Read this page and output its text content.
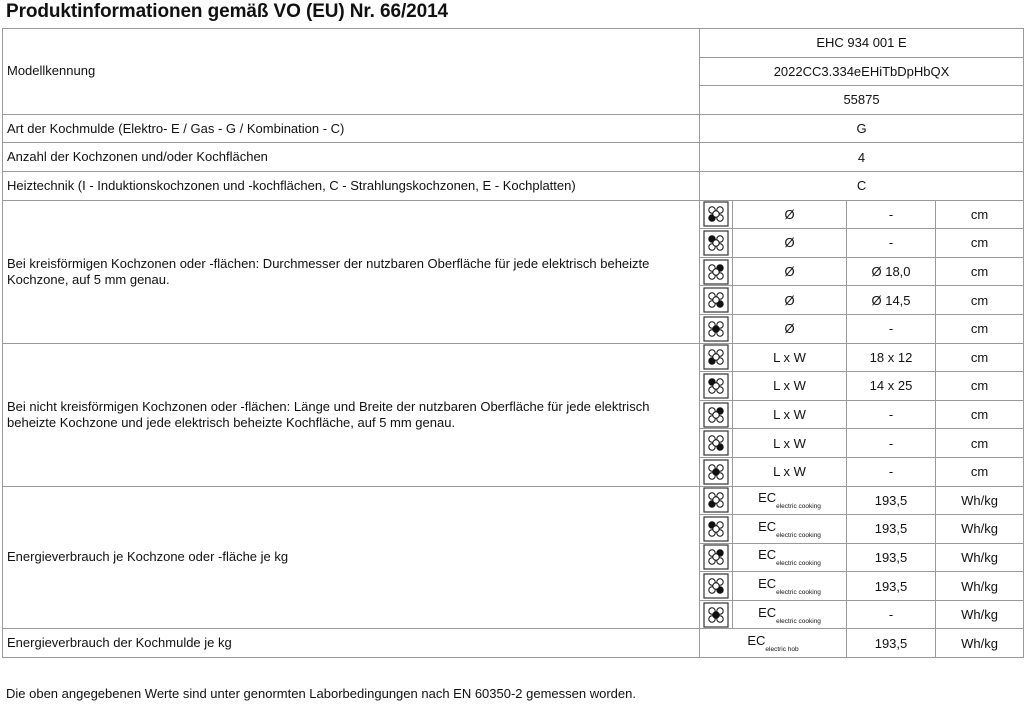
Produktinformationen gemäß VO (EU) Nr. 66/2014
Modellkennung	EHC 934 001 E			
	2022CC3.334eEHiTbDpHbQX			
	55875			
Art der Kochmulde (Elektro- E / Gas - G / Kombination - C)	G			
Anzahl der Kochzonen und/oder Kochflächen	4			
Heiztechnik (I - Induktionskochzonen und -kochflächen, C - Strahlungskochzonen, E - Kochplatten)	C			
Bei kreisförmigen Kochzonen oder -flächen: Durchmesser der nutzbaren Oberfläche für jede elektrisch beheizte Kochzone, auf 5 mm genau.		Ø	-	cm

	Ø	-	cm

	Ø	Ø 18,0	cm

	Ø	Ø 14,5	cm

	Ø	-	cm
Bei nicht kreisförmigen Kochzonen oder -flächen: Länge und Breite der nutzbaren Oberfläche für jede elektrisch beheizte Kochzone und jede elektrisch beheizte Kochfläche, auf 5 mm genau.		L x W	18 x 12	cm

	L x W	14 x 25	cm

	L x W	-	cm

	L x W	-	cm

	L x W	-	cm
Energieverbrauch je Kochzone oder -fläche je kg		$EC_{electric cooking}$	193,5	Wh/kg

	$EC_{electric cooking}$	193,5	Wh/kg

	$EC_{electric cooking}$	193,5	Wh/kg

	$EC_{electric cooking}$	193,5	Wh/kg

	$EC_{electric cooking}$	-	Wh/kg
Energieverbrauch der Kochmulde je kg	$EC_{electric hob}$		193,5	Wh/kg

Die oben angegebenen Werte sind unter genormten Laborbedingungen nach EN 60350-2 gemessen worden.
